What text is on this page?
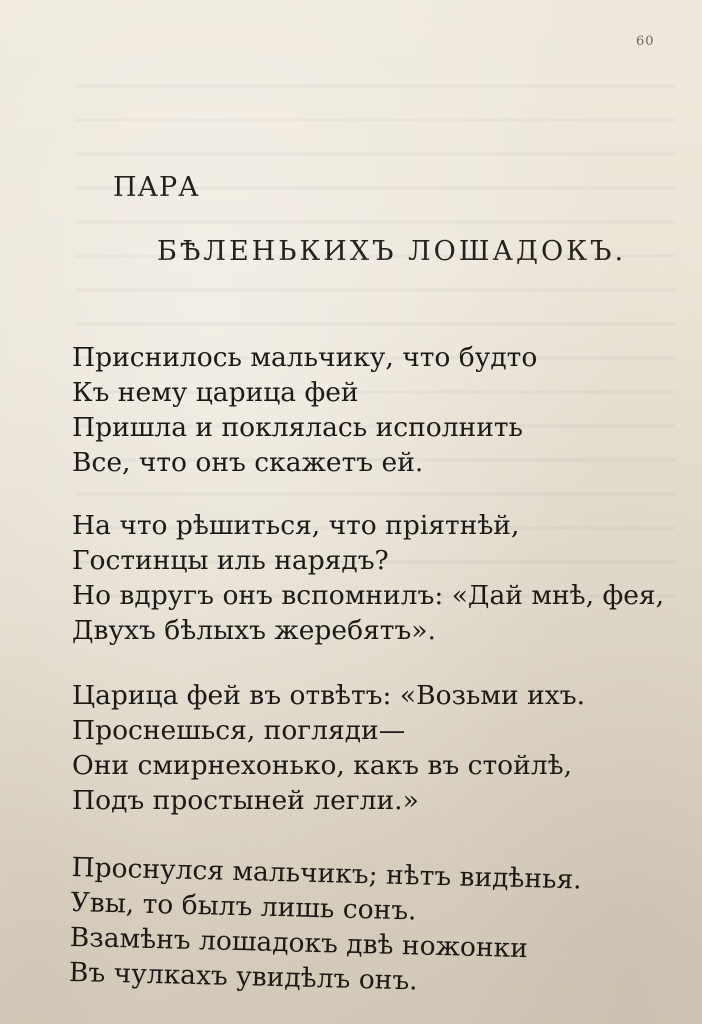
60
ПАРА
БѢЛЕНЬКИХЪ ЛОШАДОКЪ.
Приснилось мальчику, что будто
Къ нему царица фей
Пришла и поклялась исполнить
Все, что онъ скажетъ ей.
На что рѣшиться, что пріятнѣй,
Гостинцы иль нарядъ?
Но вдругъ онъ вспомнилъ: «Дай мнѣ, фея,
Двухъ бѣлыхъ жеребятъ».
Царица фей въ отвѣтъ: «Возьми ихъ.
Проснешься, погляди—
Они смирнехонько, какъ въ стойлѣ,
Подъ простыней легли.»
Проснулся мальчикъ; нѣтъ видѣнья.
Увы, то былъ лишь сонъ.
Взамѣнъ лошадокъ двѣ ножонки
Въ чулкахъ увидѣлъ онъ.
